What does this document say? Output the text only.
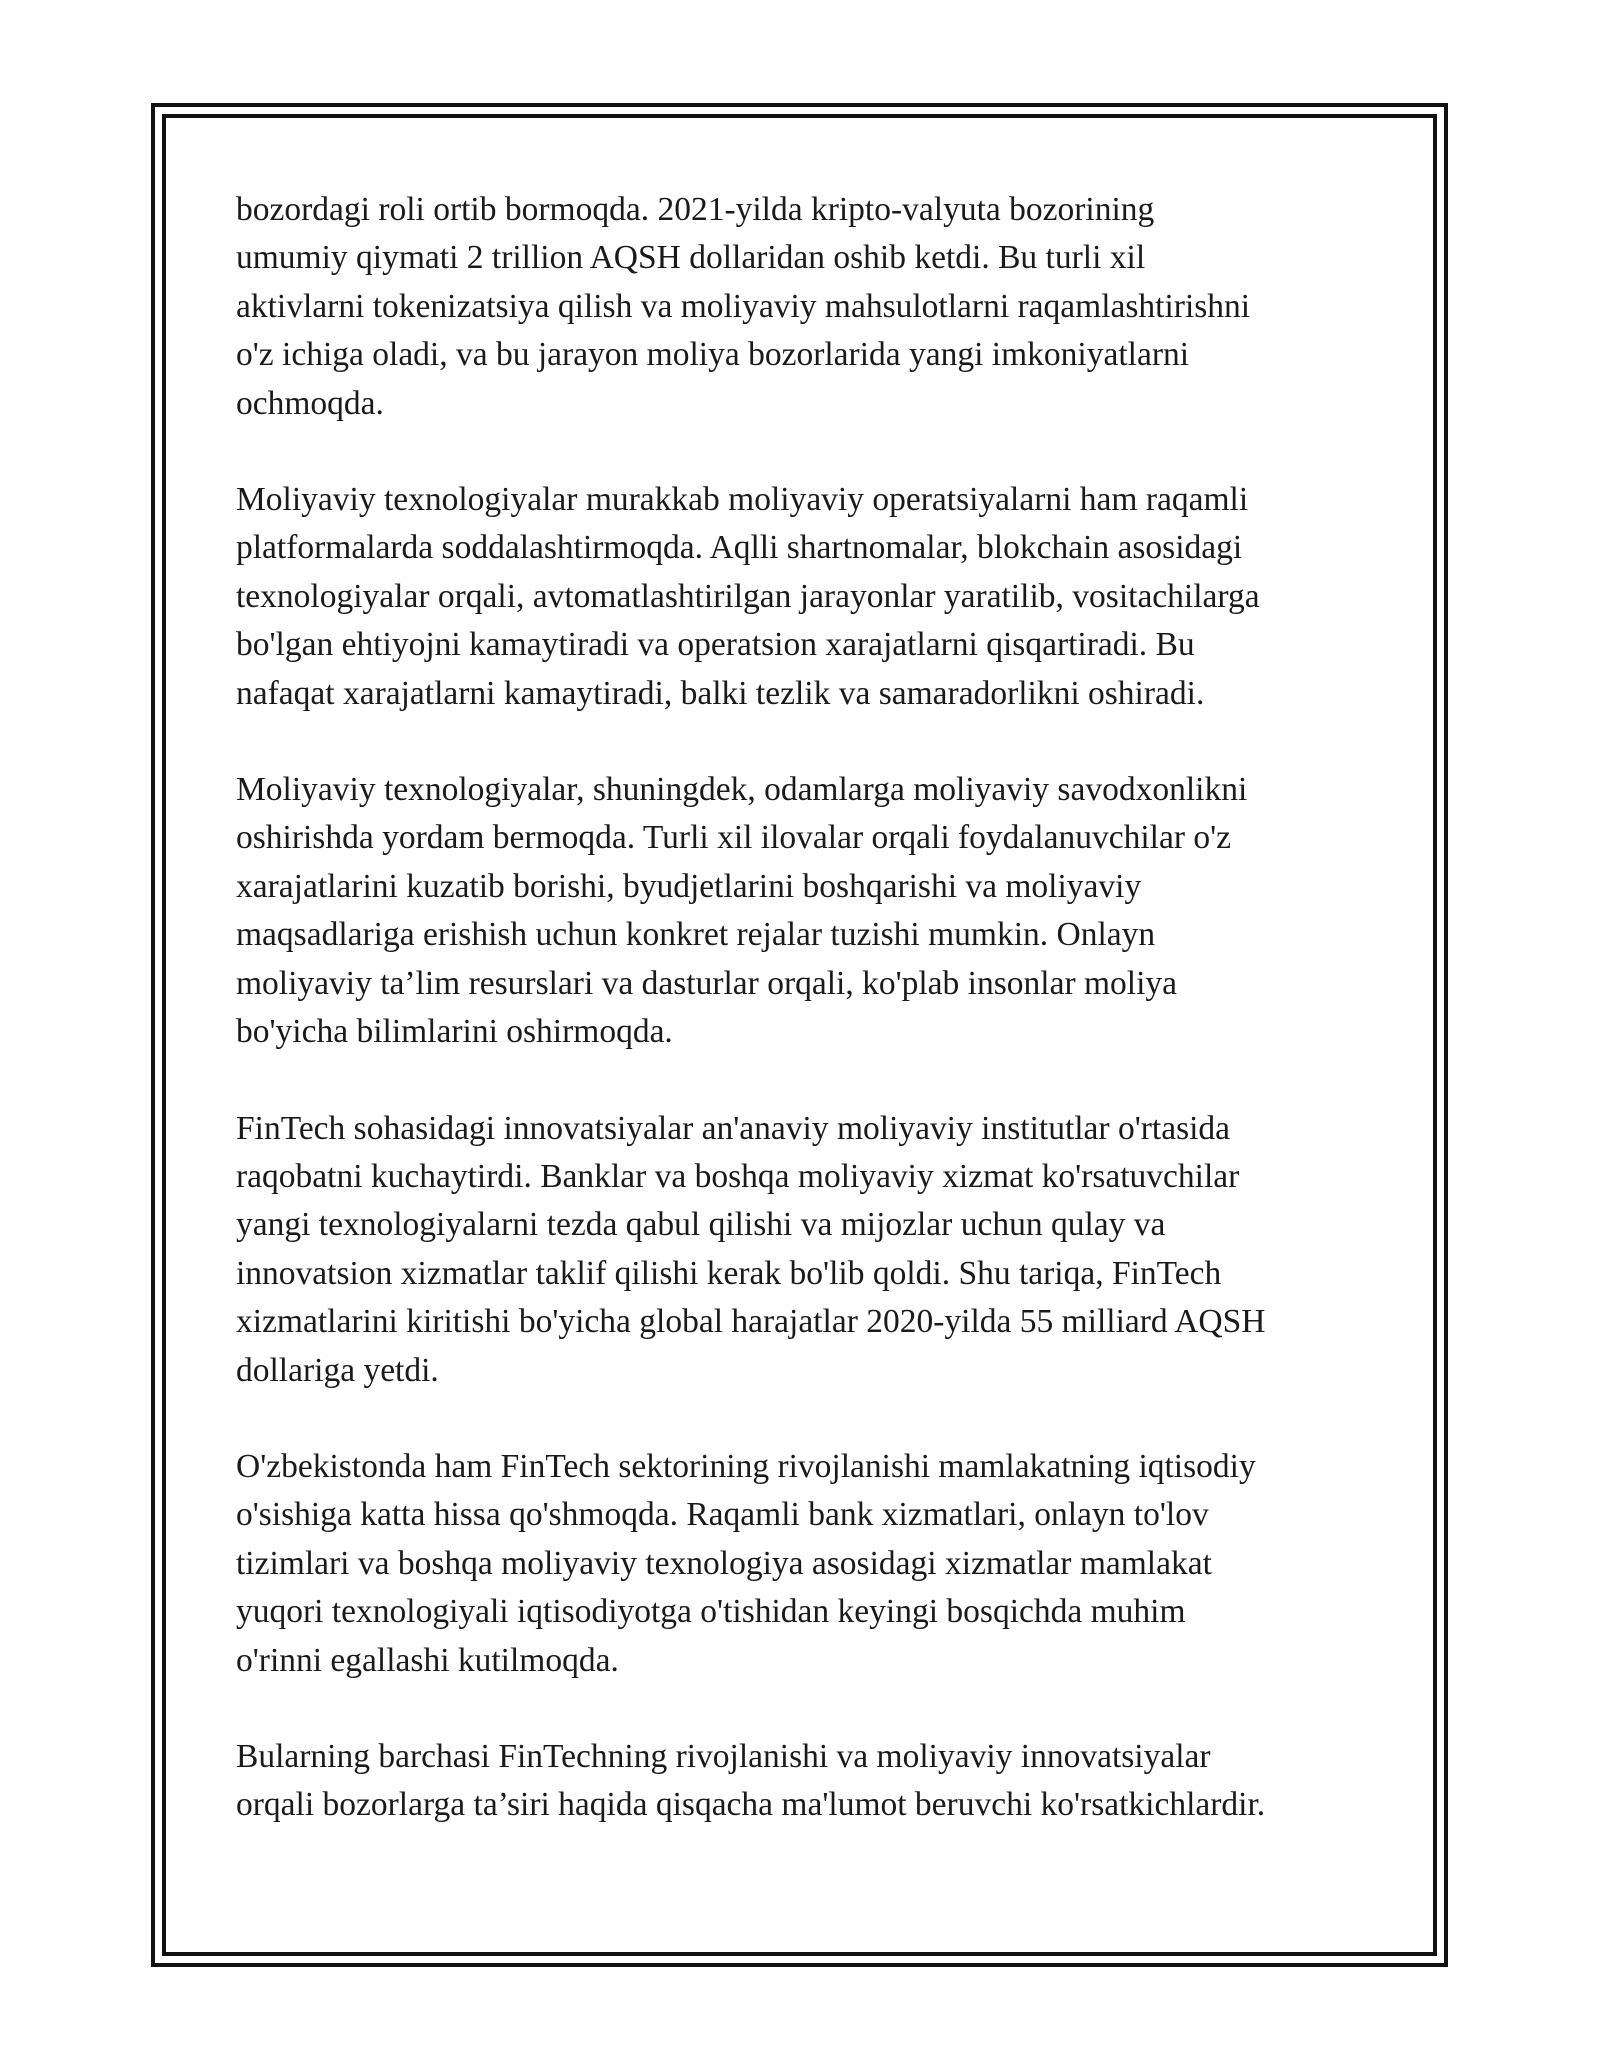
bozordagi roli ortib bormoqda. 2021-yilda kripto-valyuta bozorining
umumiy qiymati 2 trillion AQSH dollaridan oshib ketdi. Bu turli xil
aktivlarni tokenizatsiya qilish va moliyaviy mahsulotlarni raqamlashtirishni
o'z ichiga oladi, va bu jarayon moliya bozorlarida yangi imkoniyatlarni
ochmoqda.

Moliyaviy texnologiyalar murakkab moliyaviy operatsiyalarni ham raqamli
platformalarda soddalashtirmoqda. Aqlli shartnomalar, blokchain asosidagi
texnologiyalar orqali, avtomatlashtirilgan jarayonlar yaratilib, vositachilarga
bo'lgan ehtiyojni kamaytiradi va operatsion xarajatlarni qisqartiradi. Bu
nafaqat xarajatlarni kamaytiradi, balki tezlik va samaradorlikni oshiradi.

Moliyaviy texnologiyalar, shuningdek, odamlarga moliyaviy savodxonlikni
oshirishda yordam bermoqda. Turli xil ilovalar orqali foydalanuvchilar o'z
xarajatlarini kuzatib borishi, byudjetlarini boshqarishi va moliyaviy
maqsadlariga erishish uchun konkret rejalar tuzishi mumkin. Onlayn
moliyaviy ta’lim resurslari va dasturlar orqali, ko'plab insonlar moliya
bo'yicha bilimlarini oshirmoqda.

FinTech sohasidagi innovatsiyalar an'anaviy moliyaviy institutlar o'rtasida
raqobatni kuchaytirdi. Banklar va boshqa moliyaviy xizmat ko'rsatuvchilar
yangi texnologiyalarni tezda qabul qilishi va mijozlar uchun qulay va
innovatsion xizmatlar taklif qilishi kerak bo'lib qoldi. Shu tariqa, FinTech
xizmatlarini kiritishi bo'yicha global harajatlar 2020-yilda 55 milliard AQSH
dollariga yetdi.

O'zbekistonda ham FinTech sektorining rivojlanishi mamlakatning iqtisodiy
o'sishiga katta hissa qo'shmoqda. Raqamli bank xizmatlari, onlayn to'lov
tizimlari va boshqa moliyaviy texnologiya asosidagi xizmatlar mamlakat
yuqori texnologiyali iqtisodiyotga o'tishidan keyingi bosqichda muhim
o'rinni egallashi kutilmoqda.

Bularning barchasi FinTechning rivojlanishi va moliyaviy innovatsiyalar
orqali bozorlarga ta’siri haqida qisqacha ma'lumot beruvchi ko'rsatkichlardir.
